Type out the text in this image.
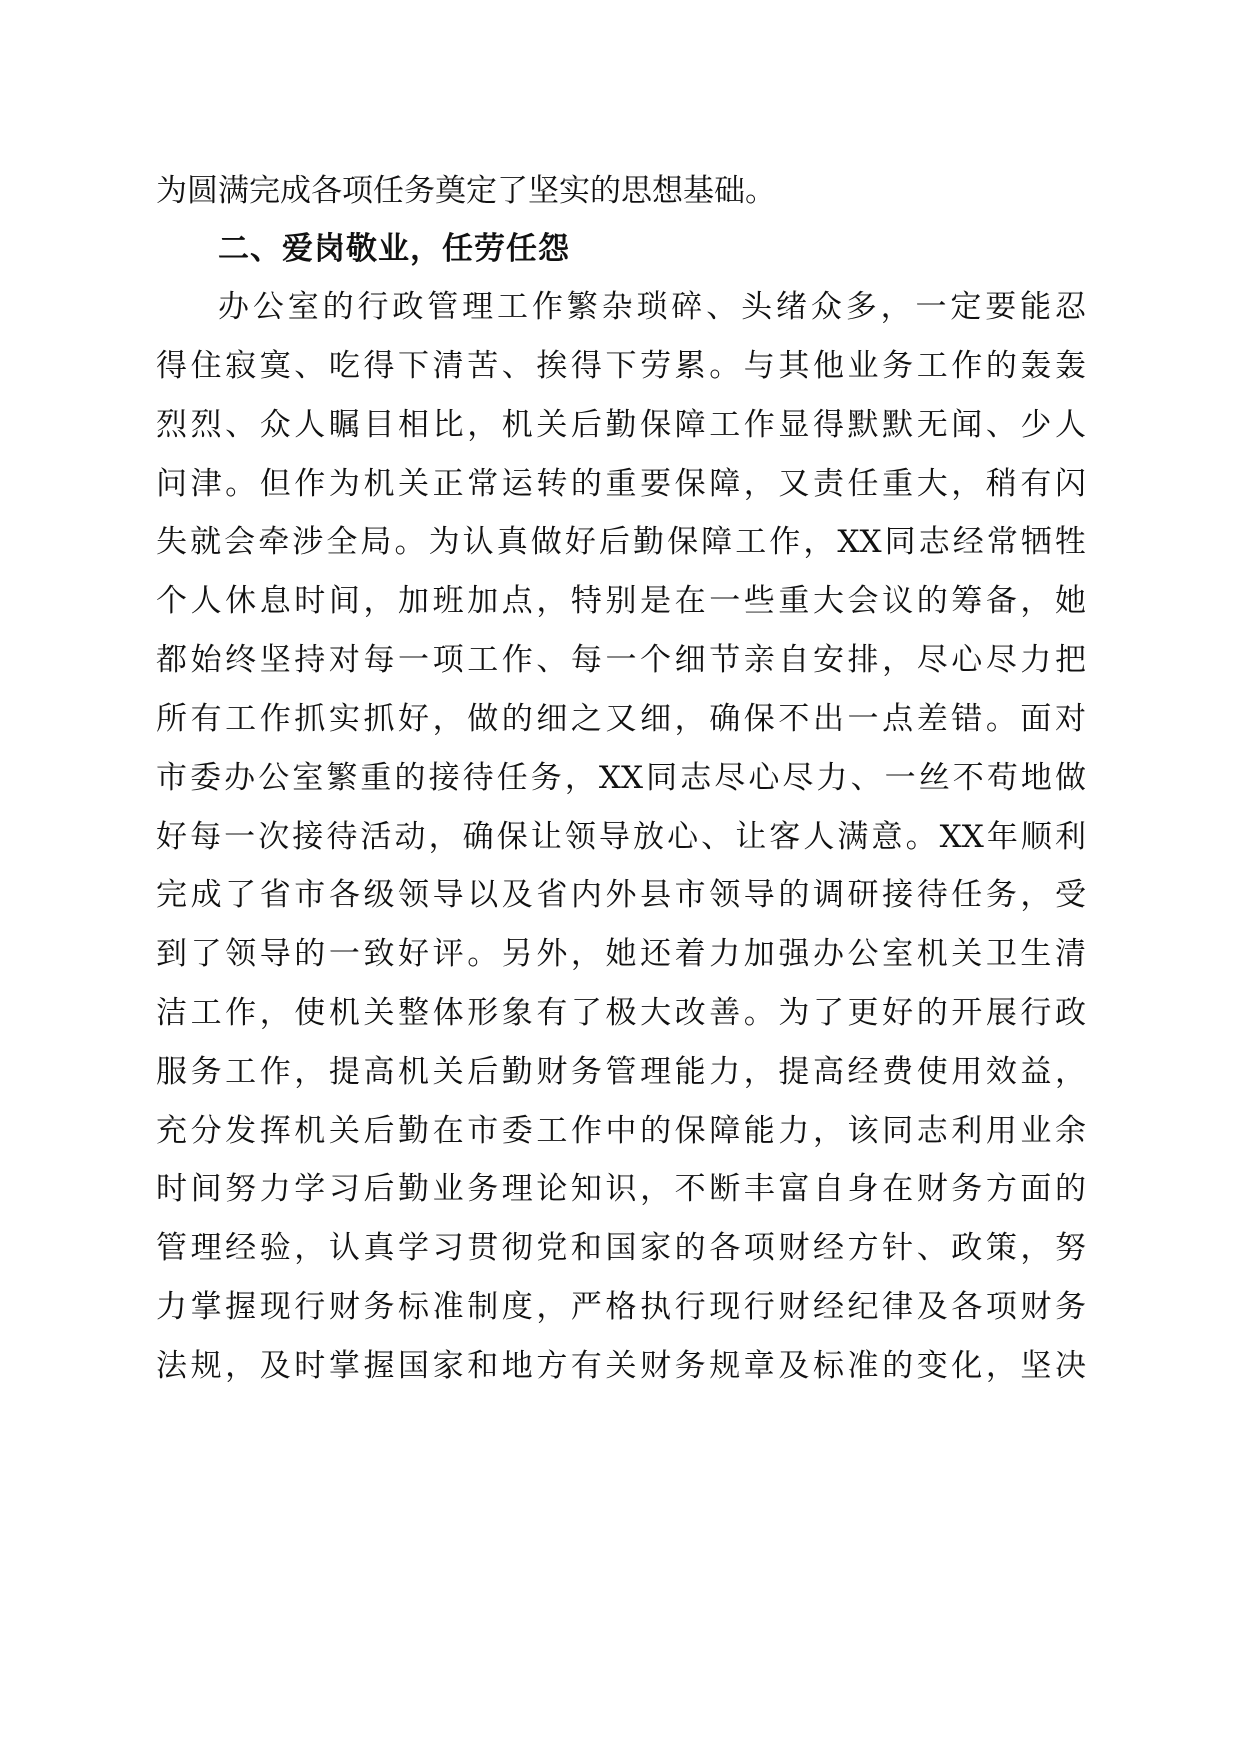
为圆满完成各项任务奠定了坚实的思想基础。
二、爱岗敬业，任劳任怨
办公室的行政管理工作繁杂琐碎、头绪众多，一定要能忍
得住寂寞、吃得下清苦、挨得下劳累。与其他业务工作的轰轰
烈烈、众人瞩目相比，机关后勤保障工作显得默默无闻、少人
问津。但作为机关正常运转的重要保障，又责任重大，稍有闪
失就会牵涉全局。为认真做好后勤保障工作，XX同志经常牺牲
个人休息时间，加班加点，特别是在一些重大会议的筹备，她
都始终坚持对每一项工作、每一个细节亲自安排，尽心尽力把
所有工作抓实抓好，做的细之又细，确保不出一点差错。面对
市委办公室繁重的接待任务，XX同志尽心尽力、一丝不苟地做
好每一次接待活动，确保让领导放心、让客人满意。XX年顺利
完成了省市各级领导以及省内外县市领导的调研接待任务，受
到了领导的一致好评。另外，她还着力加强办公室机关卫生清
洁工作，使机关整体形象有了极大改善。为了更好的开展行政
服务工作，提高机关后勤财务管理能力，提高经费使用效益，
充分发挥机关后勤在市委工作中的保障能力，该同志利用业余
时间努力学习后勤业务理论知识，不断丰富自身在财务方面的
管理经验，认真学习贯彻党和国家的各项财经方针、政策，努
力掌握现行财务标准制度，严格执行现行财经纪律及各项财务
法规，及时掌握国家和地方有关财务规章及标准的变化，坚决
